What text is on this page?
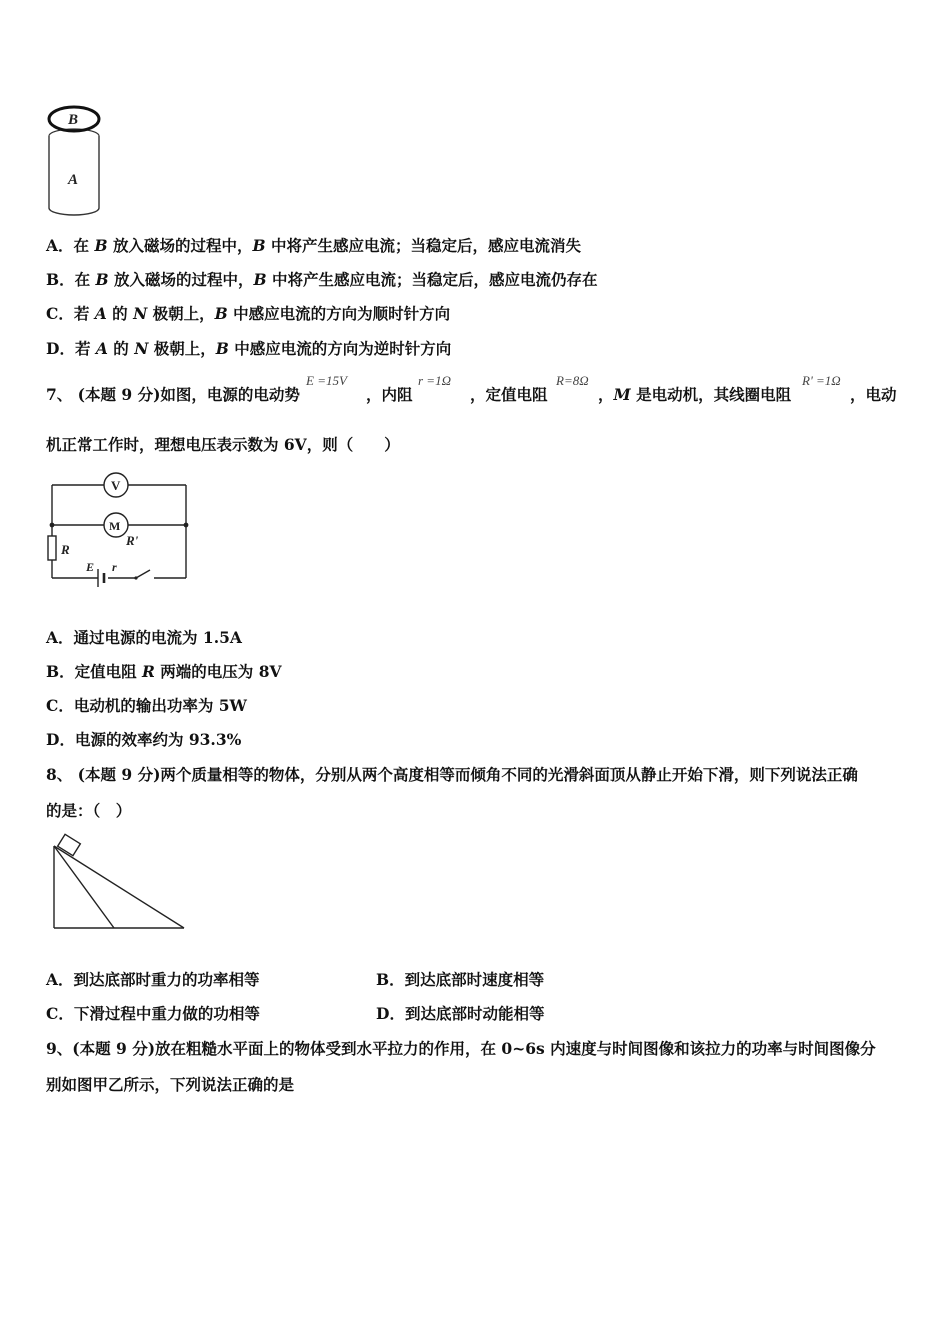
B
A
A．在 B 放入磁场的过程中，B 中将产生感应电流；当稳定后，感应电流消失
B．在 B 放入磁场的过程中，B 中将产生感应电流；当稳定后，感应电流仍存在
C．若 A 的 N 极朝上，B 中感应电流的方向为顺时针方向
D．若 A 的 N 极朝上，B 中感应电流的方向为逆时针方向
7、 (本题 9 分)如图，电源的电动势
E =15V
，内阻
r =1Ω
，定值电阻
R=8Ω
，M 是电动机，其线圈电阻
R' =1Ω
，电动
机正常工作时，理想电压表示数为 6V，则（　　）
V
M
R'
R
E r
A．通过电源的电流为 1.5A
B．定值电阻 R 两端的电压为 8V
C．电动机的输出功率为 5W
D．电源的效率约为 93.3%
8、 (本题 9 分)两个质量相等的物体，分别从两个高度相等而倾角不同的光滑斜面顶从静止开始下滑，则下列说法正确
的是：（　）
A．到达底部时重力的功率相等	B．到达底部时速度相等
C．下滑过程中重力做的功相等	D．到达底部时动能相等
9、(本题 9 分)放在粗糙水平面上的物体受到水平拉力的作用，在 0~6s 内速度与时间图像和该拉力的功率与时间图像分
别如图甲乙所示，下列说法正确的是
